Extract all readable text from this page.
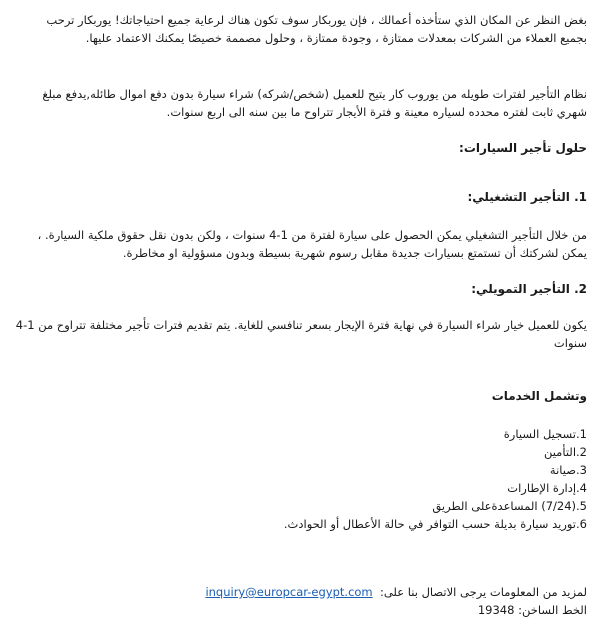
بغض النظر عن المكان الذي ستأخذه أعمالك ، فإن يوربكار سوف تكون هناك لرعاية جميع احتياجاتك! يوربكار ترحب

بجميع العملاء من الشركات بمعدلات ممتازة ، وجودة ممتازة ، وحلول مصممة خصيصًا يمكنك الاعتماد عليها.

نظام التأجير لفترات طويله من يوروب كار يتيح للعميل (شخص/شركه) شراء سيارة بدون دفع اموال طائله,يدفع مبلغ

شهري ثابت لفتره محدده لسياره معينة و فترة الأيجار تتراوح ما بين سنه الى اربع سنوات.

حلول تأجير السيارات:

1. التأجير التشغيلي:

من خلال التأجير التشغيلي يمكن الحصول على سيارة لفترة من 1-4 سنوات ، ولكن بدون نقل حقوق ملكية السيارة. ،

يمكن لشركتك أن تستمتع بسيارات جديدة مقابل رسوم شهرية بسيطة وبدون مسؤولية او مخاطرة.

2. التأجير التمويلي:

يكون للعميل خيار شراء السيارة في نهاية فترة الإيجار بسعر تنافسي للغاية. يتم تقديم فترات تأجير مختلفة تتراوح من 1-4

سنوات

وتشمل الخدمات

1.تسجيل السيارة
2.التأمين
3.صيانة
4.إدارة الإطارات
5.(7/24) المساعدةعلى الطريق
6.توريد سيارة بديلة حسب التوافر في حالة الأعطال أو الحوادث.

لمزيد من المعلومات يرجى الاتصال بنا على:  inquiry@europcar-egypt.com

الخط الساخن: 19348
